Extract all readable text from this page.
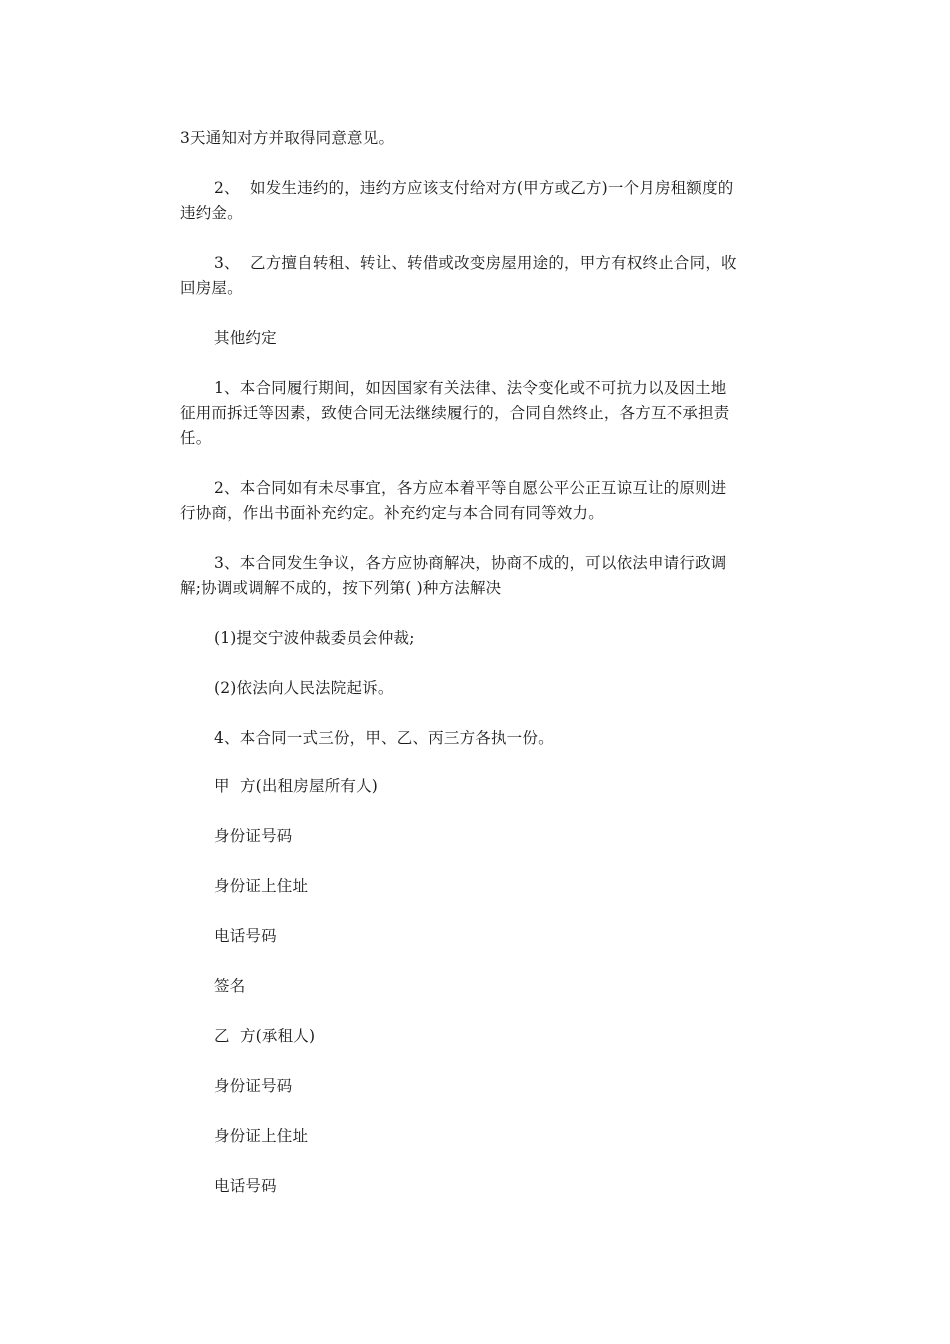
3天通知对方并取得同意意见。
2、  如发生违约的，违约方应该支付给对方(甲方或乙方)一个月房租额度的
违约金。
3、  乙方擅自转租、转让、转借或改变房屋用途的，甲方有权终止合同，收
回房屋。
其他约定
1、本合同履行期间，如因国家有关法律、法令变化或不可抗力以及因土地
征用而拆迁等因素，致使合同无法继续履行的，合同自然终止，各方互不承担责
任。
2、本合同如有未尽事宜，各方应本着平等自愿公平公正互谅互让的原则进
行协商，作出书面补充约定。补充约定与本合同有同等效力。
3、本合同发生争议，各方应协商解决，协商不成的，可以依法申请行政调
解;协调或调解不成的，按下列第( )种方法解决
(1)提交宁波仲裁委员会仲裁;
(2)依法向人民法院起诉。
4、本合同一式三份，甲、乙、丙三方各执一份。
甲  方(出租房屋所有人)
身份证号码
身份证上住址
电话号码
签名
乙  方(承租人)
身份证号码
身份证上住址
电话号码
